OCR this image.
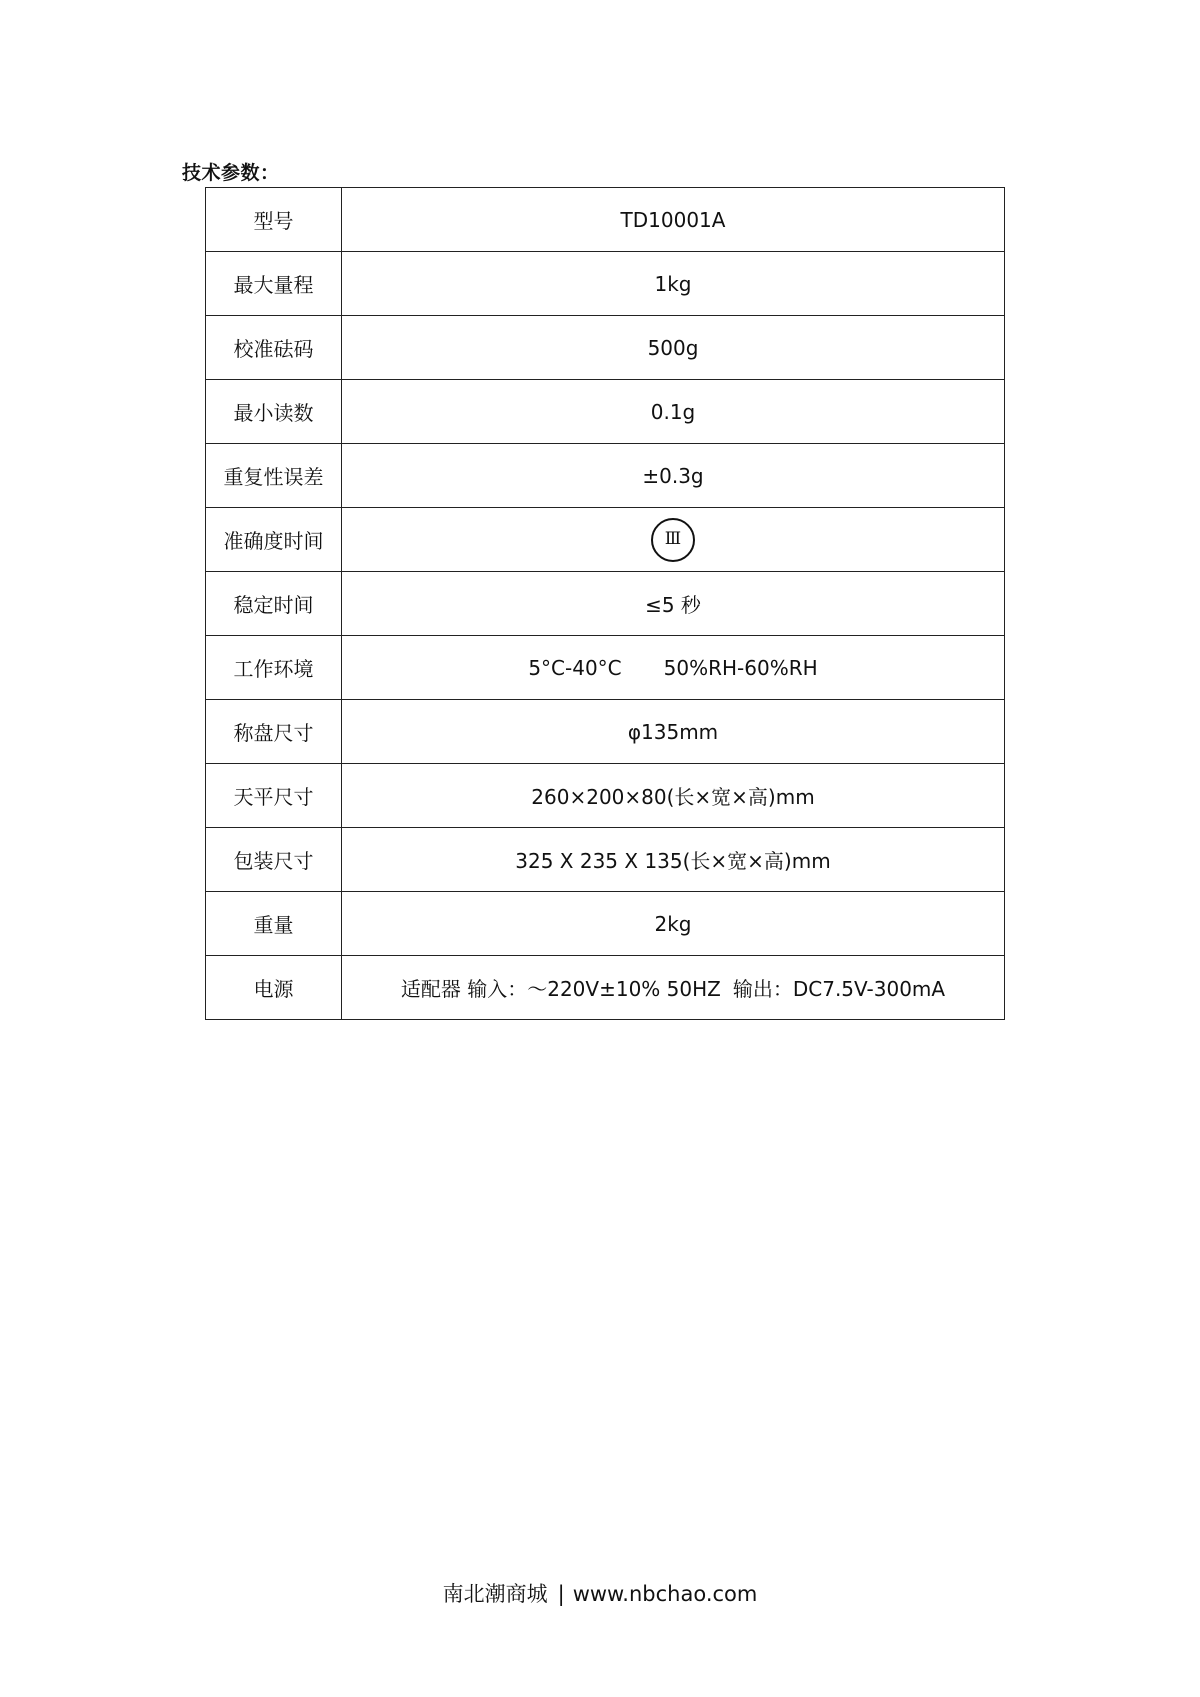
技术参数：
型号	TD10001A
最大量程	1kg
校准砝码	500g
最小读数	0.1g
重复性误差	±0.3g
准确度时间	Ⅲ
稳定时间	≤5 秒
工作环境	5°C-40°C 50%RH-60%RH
称盘尺寸	φ135mm
天平尺寸	260×200×80(长×宽×高)mm
包装尺寸	325 X 235 X 135(长×宽×高)mm
重量	2kg
电源	适配器 输入：～220V±10% 50HZ 输出：DC7.5V-300mA
南北潮商城 | www.nbchao.com
